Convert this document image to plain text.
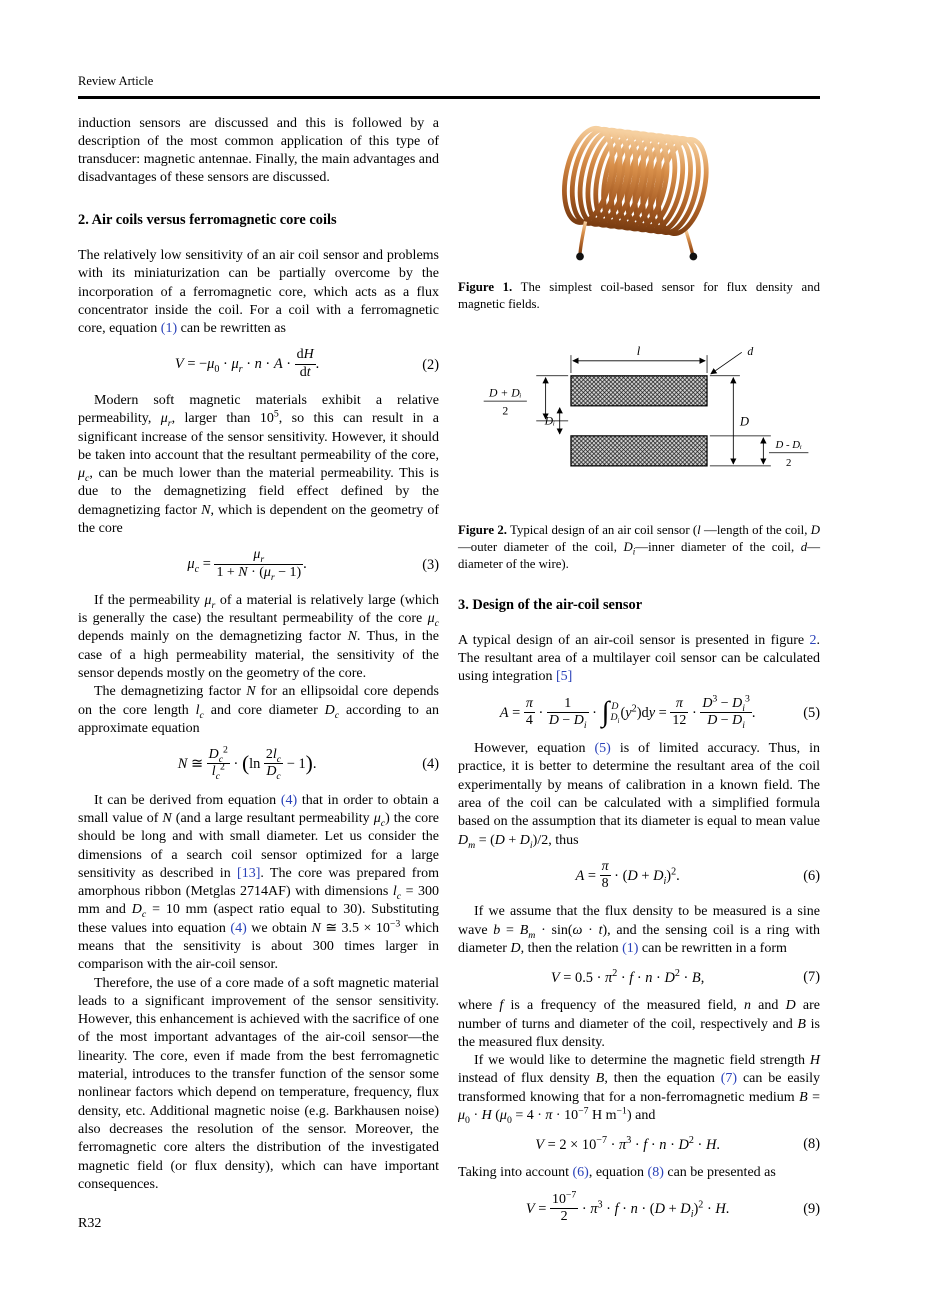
Review Article

induction sensors are discussed and this is followed by a description of the most common application of this type of transducer: magnetic antennae. Finally, the main advantages and disadvantages of these sensors are discussed.

2. Air coils versus ferromagnetic core coils

The relatively low sensitivity of an air coil sensor and problems with its miniaturization can be partially overcome by the incorporation of a ferromagnetic core, which acts as a flux concentrator inside the coil. For a coil with a ferromagnetic core, equation (1) can be rewritten as

$V = -\mu_0 \cdot \mu_r \cdot n \cdot A \cdot \frac{dH}{dt}$ .	(2)

Modern soft magnetic materials exhibit a relative permeability, $\mu_r$, larger than $10^5$, so this can result in a significant increase of the sensor sensitivity. However, it should be taken into account that the resultant permeability of the core, $\mu_c$, can be much lower than the material permeability. This is due to the demagnetizing field effect defined by the demagnetizing factor N, which is dependent on the geometry of the core

$\mu_c = \frac{\mu_r}{1 + N \cdot (\mu_r - 1)}$ .	(3)

If the permeability $\mu_r$ of a material is relatively large (which is generally the case) the resultant permeability of the core $\mu_c$ depends mainly on the demagnetizing factor N. Thus, in the case of a high permeability material, the sensitivity of the sensor depends mostly on the geometry of the core.

The demagnetizing factor N for an ellipsoidal core depends on the core length $l_c$ and core diameter $D_c$ according to an approximate equation

N ≅ $\frac{D_c^2}{l_c^2} \cdot (\ln \frac{2l_c}{D_c} - 1)$.	(4)

It can be derived from equation (4) that in order to obtain a small value of N (and a large resultant permeability $\mu_c$) the core should be long and with small diameter. Let us consider the dimensions of a search coil sensor optimized for a large sensitivity as described in [13]. The core was prepared from amorphous ribbon (Metglas 2714AF) with dimensions $l_c = 300$ mm and $D_c = 10$ mm (aspect ratio equal to 30). Substituting these values into equation (4) we obtain N ≅ $3.5 \times 10^{-3}$ which means that the sensitivity is about 300 times larger in comparison with the air-coil sensor.

Therefore, the use of a core made of a soft magnetic material leads to a significant improvement of the sensor sensitivity. However, this enhancement is achieved with the sacrifice of one of the most important advantages of the air-coil sensor—the linearity. The core, even if made from the best ferromagnetic material, introduces to the transfer function of the sensor some nonlinear factors which depend on temperature, frequency, flux density, etc. Additional magnetic noise (e.g. Barkhausen noise) also decreases the resolution of the sensor. Moreover, the ferromagnetic core alters the distribution of the investigated magnetic field (or flux density), which can have important consequences.

R32
Figure 1. The simplest coil-based sensor for flux density and magnetic fields.
l	d
D + Dᵢ
2
Dᵢ	D
D - Dᵢ
2
Figure 2. Typical design of an air coil sensor (l —length of the coil, D—outer diameter of the coil, $D_i—inner$ diameter of the coil, d—diameter of the wire).
3. Design of the air-coil sensor

A typical design of an air-coil sensor is presented in figure 2. The resultant area of a multilayer coil sensor can be calculated using integration [5]

$A = \frac{\pi}{4} \cdot \frac{1}{D - D_i}$ · ∫ D
$D_i$
$(y^2)dy = \frac{\pi}{12} \cdot \frac{D^3 - D_i^3}{D - D_i}$ .	(5)

However, equation (5) is of limited accuracy. Thus, in practice, it is better to determine the resultant area of the coil experimentally by means of calibration in a known field. The area of the coil can be calculated with a simplified formula based on the assumption that its diameter is equal to mean value $D_m = (D + D_i)/2$, thus

$A = \frac{\pi}{8} \cdot (D + D_i)^2$.	(6)

If we assume that the flux density to be measured is a sine wave $b = B_m \cdot \sin(\omega \cdot t)$, and the sensing coil is a ring with diameter D, then the relation (1) can be rewritten in a form

$V = 0.5 \cdot \pi^2 \cdot f \cdot n \cdot D^2 \cdot B$,	(7)

where f is a frequency of the measured field, n and D are number of turns and diameter of the coil, respectively and B is the measured flux density.

If we would like to determine the magnetic field strength H instead of flux density B, then the equation (7) can be easily transformed knowing that for a non-ferromagnetic medium $B = \mu_0 \cdot H$ ($\mu_0 = 4 \cdot \pi \cdot 10^{-7}$ H $m^{-1}$) and

$V = 2 \times 10^{-7} \cdot \pi^3 \cdot f \cdot n \cdot D^2 \cdot H$.	(8)

Taking into account (6), equation (8) can be presented as

$V = \frac{10^{-7}}{2} \cdot \pi^3 \cdot f \cdot n \cdot (D + D_i)^2 \cdot H$.	(9)
